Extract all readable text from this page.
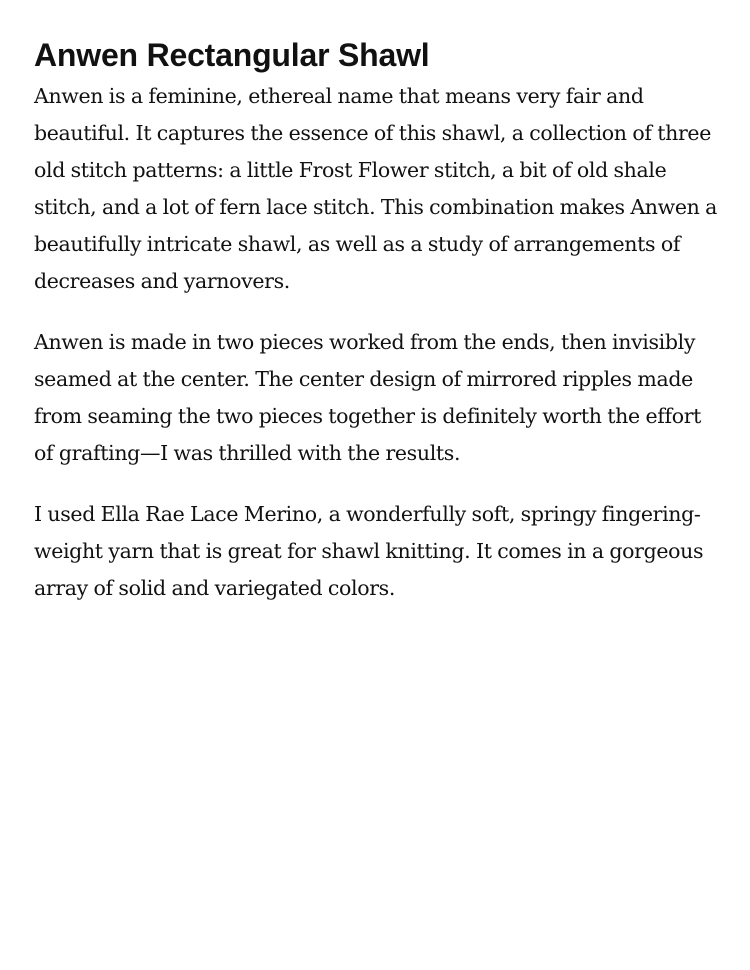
Anwen Rectangular Shawl

Anwen is a feminine, ethereal name that means very fair and beautiful. It captures the essence of this shawl, a collection of three old stitch patterns: a little Frost Flower stitch, a bit of old shale stitch, and a lot of fern lace stitch. This combination makes Anwen a beautifully intricate shawl, as well as a study of arrangements of decreases and yarnovers.

Anwen is made in two pieces worked from the ends, then invisibly seamed at the center. The center design of mirrored ripples made from seaming the two pieces together is definitely worth the effort of grafting—I was thrilled with the results.

I used Ella Rae Lace Merino, a wonderfully soft, springy fingering-weight yarn that is great for shawl knitting. It comes in a gorgeous array of solid and variegated colors.
